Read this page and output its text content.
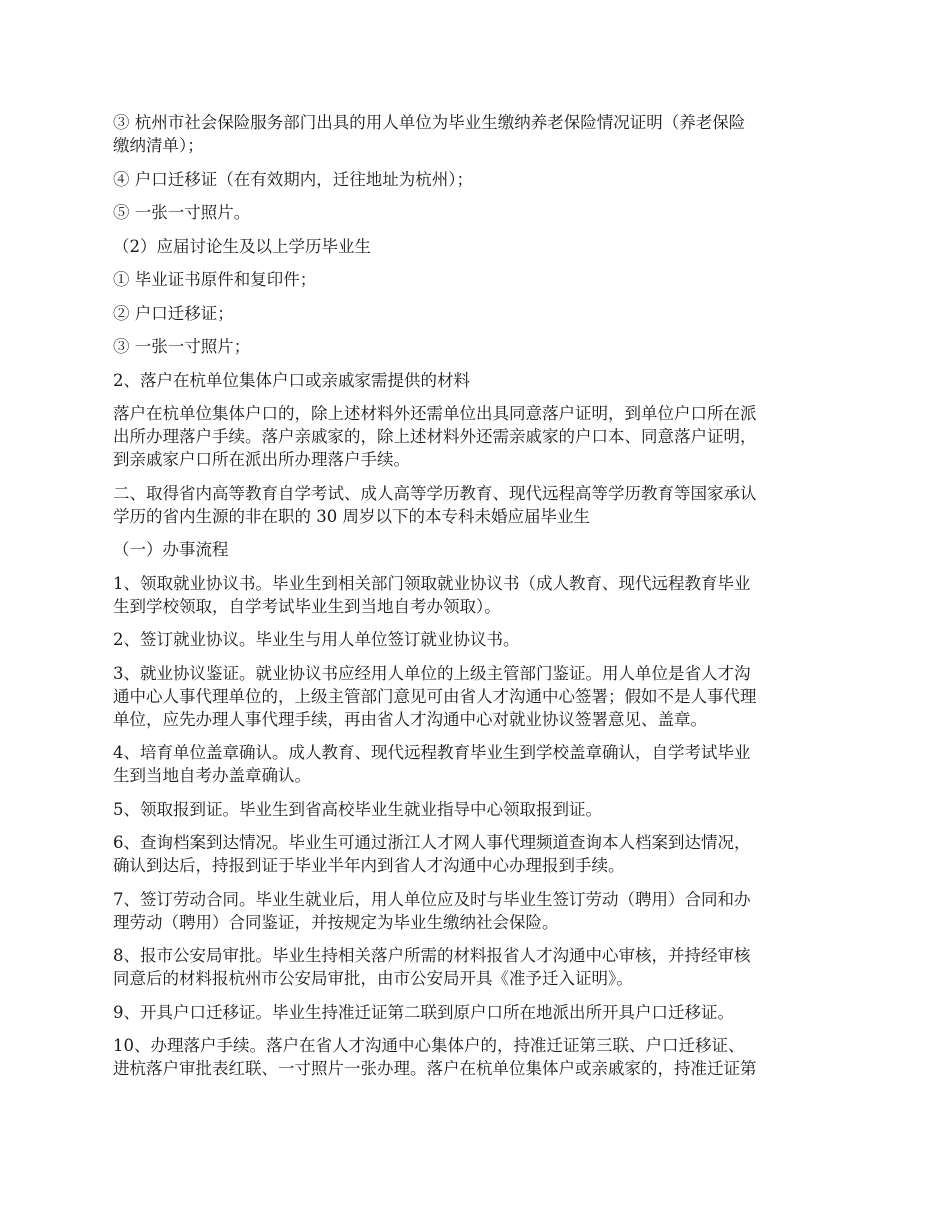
③ 杭州市社会保险服务部门出具的用人单位为毕业生缴纳养老保险情况证明（养老保险
缴纳清单）；

④ 户口迁移证（在有效期内，迁往地址为杭州）；

⑤ 一张一寸照片。

（2）应届讨论生及以上学历毕业生

① 毕业证书原件和复印件；

② 户口迁移证；

③ 一张一寸照片；

2、落户在杭单位集体户口或亲戚家需提供的材料

落户在杭单位集体户口的，除上述材料外还需单位出具同意落户证明，到单位户口所在派
出所办理落户手续。落户亲戚家的，除上述材料外还需亲戚家的户口本、同意落户证明，
到亲戚家户口所在派出所办理落户手续。

二、取得省内高等教育自学考试、成人高等学历教育、现代远程高等学历教育等国家承认
学历的省内生源的非在职的 30 周岁以下的本专科未婚应届毕业生

（一）办事流程

1、领取就业协议书。毕业生到相关部门领取就业协议书（成人教育、现代远程教育毕业
生到学校领取，自学考试毕业生到当地自考办领取）。

2、签订就业协议。毕业生与用人单位签订就业协议书。

3、就业协议鉴证。就业协议书应经用人单位的上级主管部门鉴证。用人单位是省人才沟
通中心人事代理单位的，上级主管部门意见可由省人才沟通中心签署；假如不是人事代理
单位，应先办理人事代理手续，再由省人才沟通中心对就业协议签署意见、盖章。

4、培育单位盖章确认。成人教育、现代远程教育毕业生到学校盖章确认，自学考试毕业
生到当地自考办盖章确认。

5、领取报到证。毕业生到省高校毕业生就业指导中心领取报到证。

6、查询档案到达情况。毕业生可通过浙江人才网人事代理频道查询本人档案到达情况，
确认到达后，持报到证于毕业半年内到省人才沟通中心办理报到手续。

7、签订劳动合同。毕业生就业后，用人单位应及时与毕业生签订劳动（聘用）合同和办
理劳动（聘用）合同鉴证，并按规定为毕业生缴纳社会保险。

8、报市公安局审批。毕业生持相关落户所需的材料报省人才沟通中心审核，并持经审核
同意后的材料报杭州市公安局审批，由市公安局开具《准予迁入证明》。

9、开具户口迁移证。毕业生持准迁证第二联到原户口所在地派出所开具户口迁移证。

10、办理落户手续。落户在省人才沟通中心集体户的，持准迁证第三联、户口迁移证、
进杭落户审批表红联、一寸照片一张办理。落户在杭单位集体户或亲戚家的，持准迁证第
